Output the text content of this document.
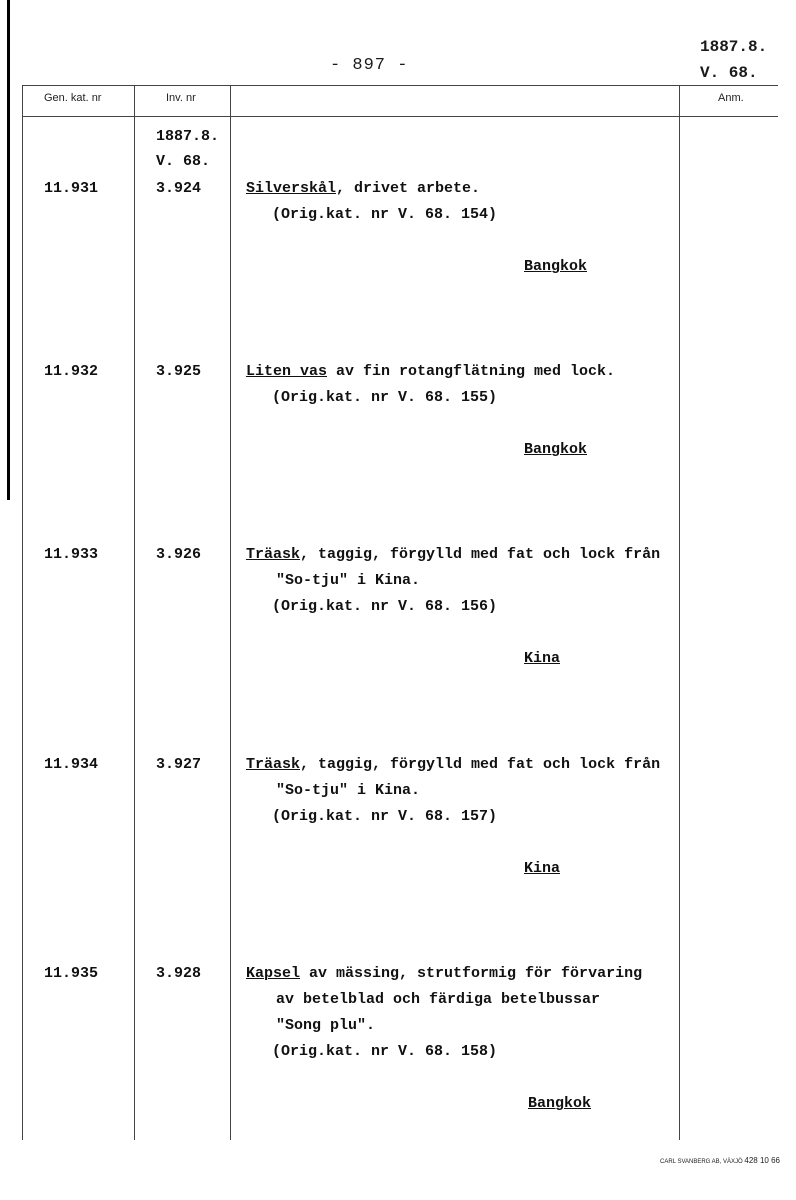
- 897 -
1887.8.
V. 68.
Gen. kat. nr	Inv. nr	Anm.
1887.8.
V. 68.
11.931	3.924	Silverskål, drivet arbete.
(Orig.kat. nr V. 68. 154)
Bangkok
11.932	3.925	Liten vas av fin rotangflätning med lock.
(Orig.kat. nr V. 68. 155)
Bangkok
11.933	3.926	Träask, taggig, förgylld med fat och lock från
"So-tju" i Kina.
(Orig.kat. nr V. 68. 156)
Kina
11.934	3.927	Träask, taggig, förgylld med fat och lock från
"So-tju" i Kina.
(Orig.kat. nr V. 68. 157)
Kina
11.935	3.928	Kapsel av mässing, strutformig för förvaring
av betelblad och färdiga betelbussar
"Song plu".
(Orig.kat. nr V. 68. 158)
Bangkok
CARL SVANBERG AB, VÄXJÖ 428 10 66
